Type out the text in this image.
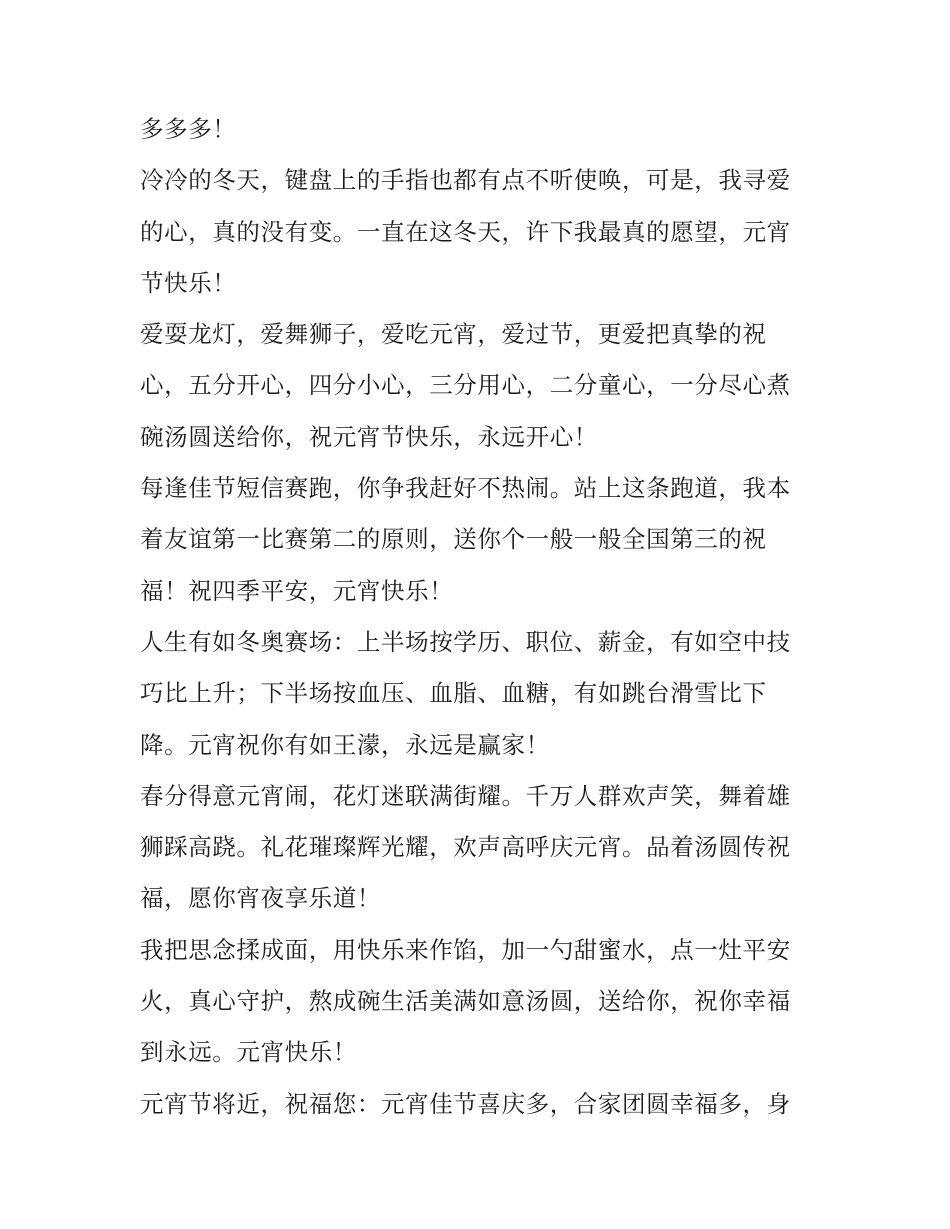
多多多！
冷冷的冬天，键盘上的手指也都有点不听使唤，可是，我寻爱
的心，真的没有变。一直在这冬天，许下我最真的愿望，元宵
节快乐！
爱耍龙灯，爱舞狮子，爱吃元宵，爱过节，更爱把真挚的祝
心，五分开心，四分小心，三分用心，二分童心，一分尽心煮
碗汤圆送给你，祝元宵节快乐，永远开心！
每逢佳节短信赛跑，你争我赶好不热闹。站上这条跑道，我本
着友谊第一比赛第二的原则，送你个一般一般全国第三的祝
福！祝四季平安，元宵快乐！
人生有如冬奥赛场：上半场按学历、职位、薪金，有如空中技
巧比上升；下半场按血压、血脂、血糖，有如跳台滑雪比下
降。元宵祝你有如王濛，永远是赢家！
春分得意元宵闹，花灯迷联满街耀。千万人群欢声笑，舞着雄
狮踩高跷。礼花璀璨辉光耀，欢声高呼庆元宵。品着汤圆传祝
福，愿你宵夜享乐道！
我把思念揉成面，用快乐来作馅，加一勺甜蜜水，点一灶平安
火，真心守护，熬成碗生活美满如意汤圆，送给你，祝你幸福
到永远。元宵快乐！
元宵节将近，祝福您：元宵佳节喜庆多，合家团圆幸福多，身
